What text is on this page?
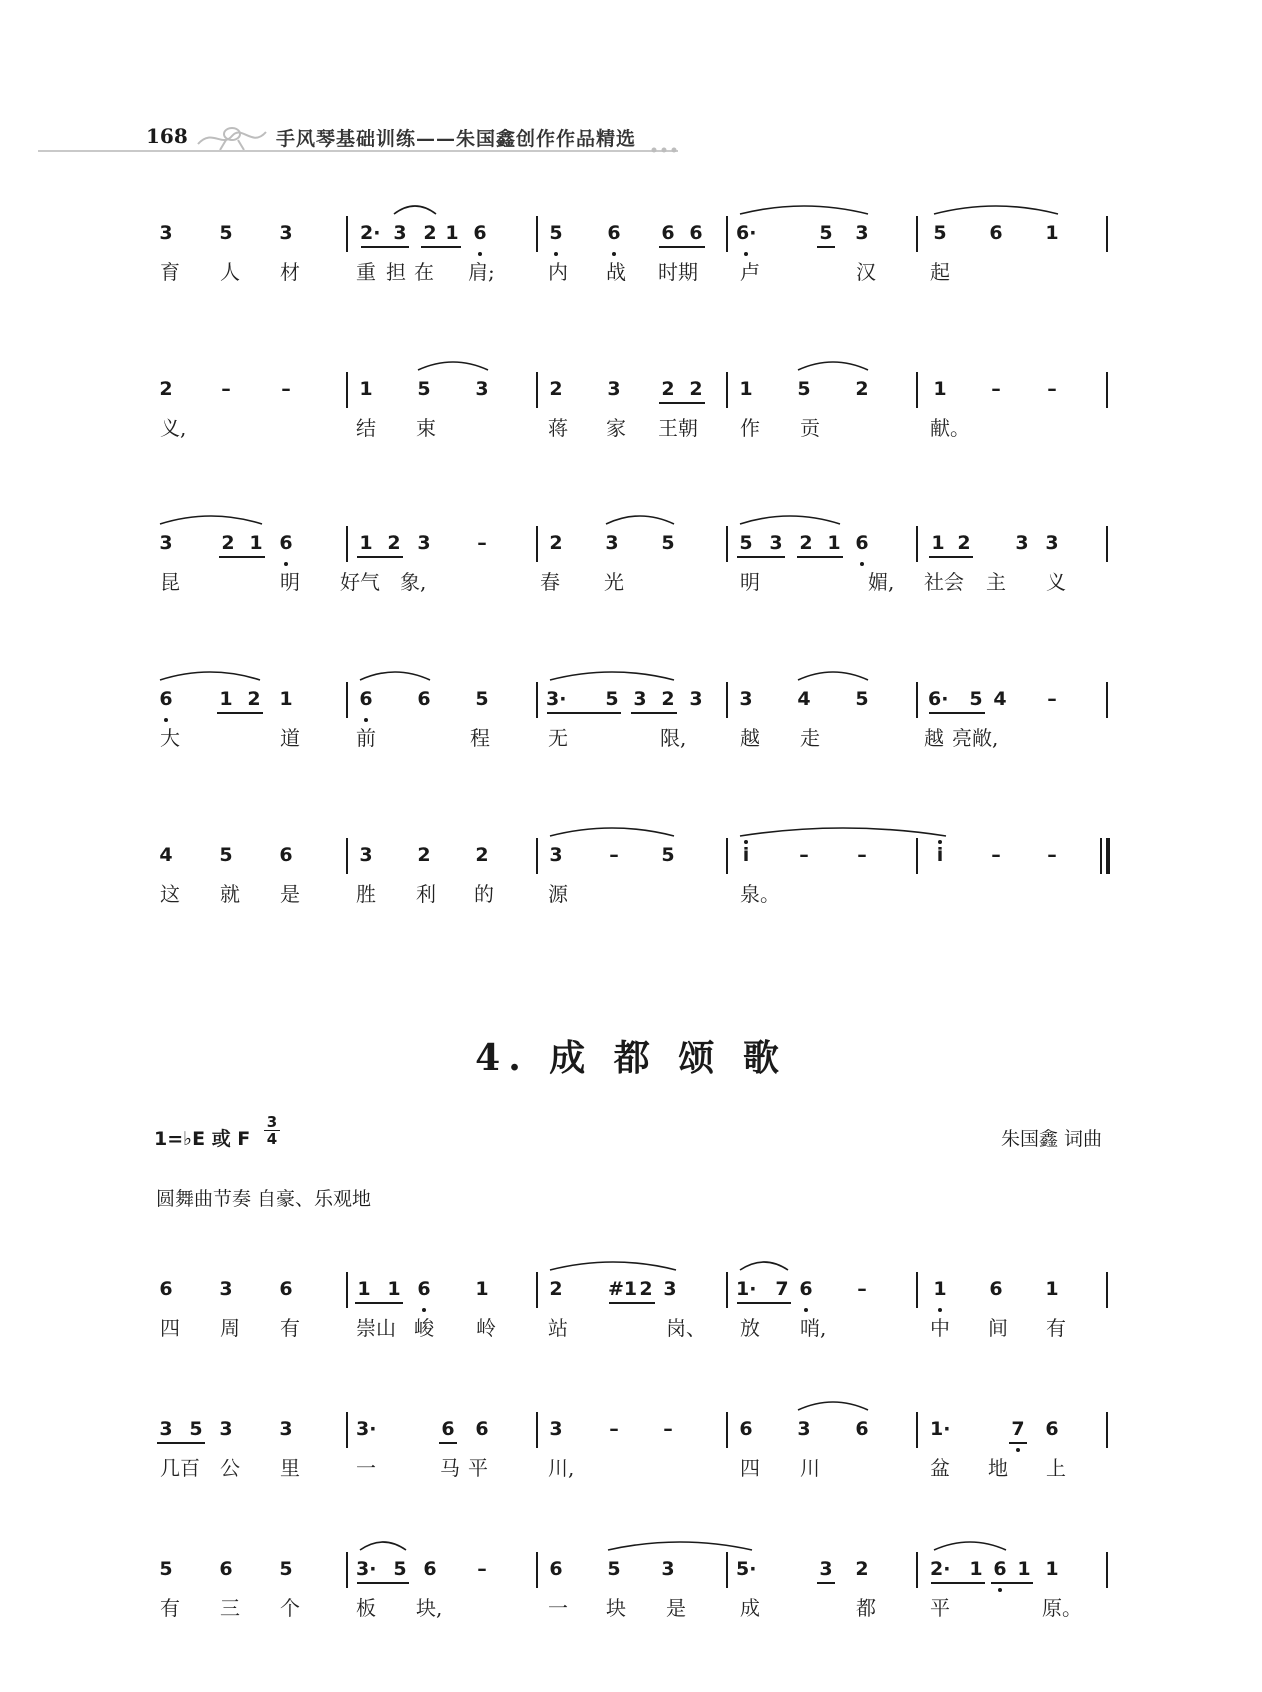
168	手风琴基础训练——朱国鑫创作作品精选
3 5 3	2· 3 2 1 6	5 6 6 6 6·	5 3	5 6 1
育 人 材	重 担 在 肩;	内 战 时期 卢	汉	起
2	–	–	1 5 3	2 3 2 2 1 5 2	1 – –
义,	结 束	蒋 家 王朝 作 贡	献。
3	2 1 6	1 2 3 –	2 3 5	5 3 2 1 6	1 2 3 3
昆	明 好气 象,	春 光	明	媚, 社会 主 义
6 1 2 1	6 6 5	3· 5 3 2 3 3 4 5	6· 5 4 –
大	道	前	程	无	限,	越 走	越 亮敞,
4 5 6	3 2 2	3 – 5	i	–	–	i	– –
这 就 是	胜 利 的	源	泉。
6 3 6	1 1 6 1	2 #1 2 3	1· 7 6 –	1 6 1
四 周 有	崇山 峻 岭	站	岗、 放 哨,	中 间 有
3 5 3 3	3·	6 6	3 – –	6 3 6	1·	7 6
几百 公 里	一	马 平	川,	四 川	盆 地 上
5 6 5	3· 5 6 –	6 5 3	5·	3 2	2· 1 6 1 1
有 三 个	板 块,	一 块 是	成	都	平	原。
4. 成 都 颂 歌
1=♭E 或 F
3
4	朱国鑫 词曲
圆舞曲节奏 自豪、乐观地
